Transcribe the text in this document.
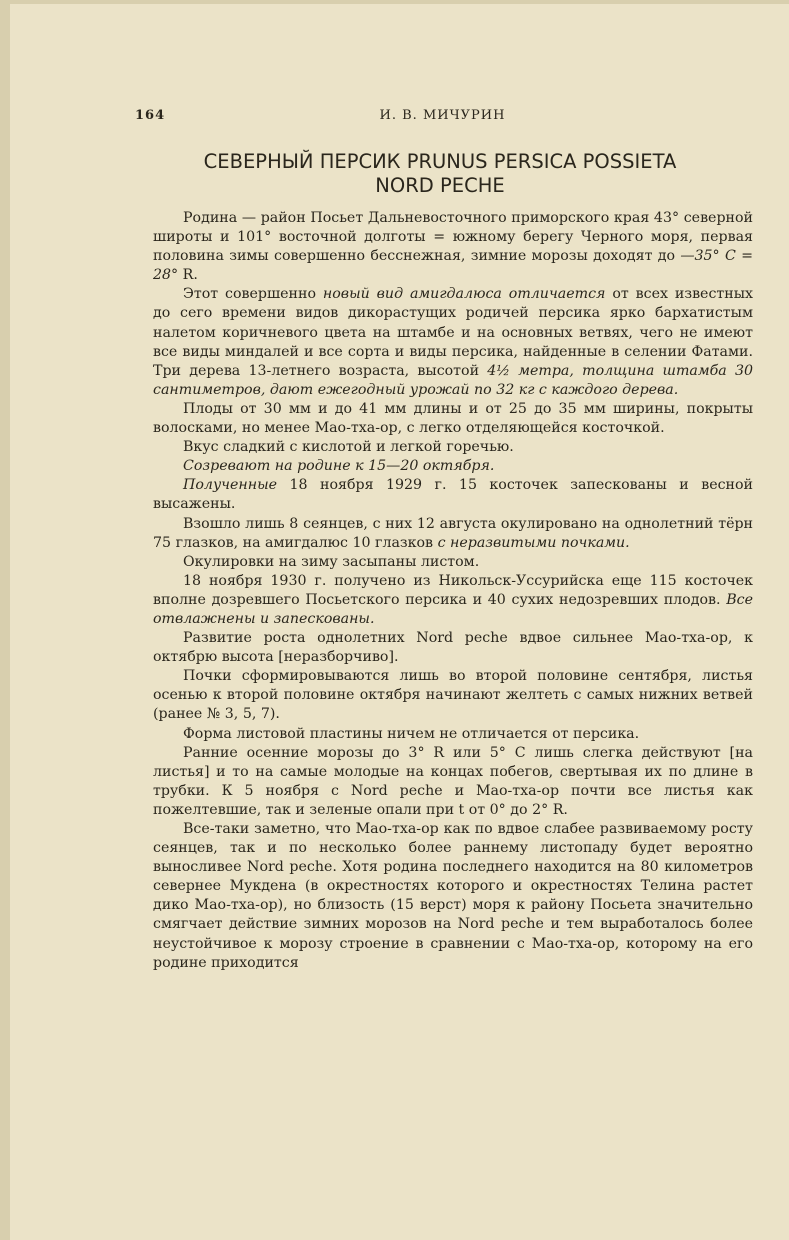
164	И. В. МИЧУРИН
СЕВЕРНЫЙ ПЕРСИК PRUNUS PERSICA POSSIETA
NORD PECHE

Родина — район Посьет Дальневосточного приморского края 43° северной широты и 101° восточной долготы = южному берегу Черного моря, первая половина зимы совершенно бесснежная, зимние морозы доходят до —35° C = 28° R.

Этот совершенно новый вид амигдалюса отличается от всех известных до сего времени видов дикорастущих родичей персика ярко бархатистым налетом коричневого цвета на штамбе и на основных ветвях, чего не имеют все виды миндалей и все сорта и виды персика, найденные в селении Фатами. Три дерева 13-летнего возраста, высотой 4½ метра, толщина штамба 30 сантиметров, дают ежегодный урожай по 32 кг с каждого дерева.

Плоды от 30 мм и до 41 мм длины и от 25 до 35 мм ширины, покрыты волосками, но менее Мао-тха-ор, с легко отделяющейся косточкой.

Вкус сладкий с кислотой и легкой горечью.

Созревают на родине к 15—20 октября.

Полученные 18 ноября 1929 г. 15 косточек запескованы и весной высажены.

Взошло лишь 8 сеянцев, с них 12 августа окулировано на однолетний тёрн 75 глазков, на амигдалюс 10 глазков с неразвитыми почками.

Окулировки на зиму засыпаны листом.

18 ноября 1930 г. получено из Никольск-Уссурийска еще 115 косточек вполне дозревшего Посьетского персика и 40 сухих недозревших плодов. Все отвлажнены и запескованы.

Развитие роста однолетних Nord peche вдвое сильнее Мао-тха-ор, к октябрю высота [неразборчиво].

Почки сформировываются лишь во второй половине сентября, листья осенью к второй половине октября начинают желтеть с самых нижних ветвей (ранее № 3, 5, 7).

Форма листовой пластины ничем не отличается от персика.

Ранние осенние морозы до 3° R или 5° C лишь слегка действуют [на листья] и то на самые молодые на концах побегов, свертывая их по длине в трубки. К 5 ноября с Nord peche и Мао-тха-ор почти все листья как пожелтевшие, так и зеленые опали при t от 0° до 2° R.

Все-таки заметно, что Мао-тха-ор как по вдвое слабее развиваемому росту сеянцев, так и по несколько более раннему листопаду будет вероятно выносливее Nord peche. Хотя родина последнего находится на 80 километров севернее Мукдена (в окрестностях которого и окрестностях Телина растет дико Мао-тха-ор), но близость (15 верст) моря к району Посьета значительно смягчает действие зимних морозов на Nord peche и тем выработалось более неустойчивое к морозу строение в сравнении с Мао-тха-ор, которому на его родине приходится
